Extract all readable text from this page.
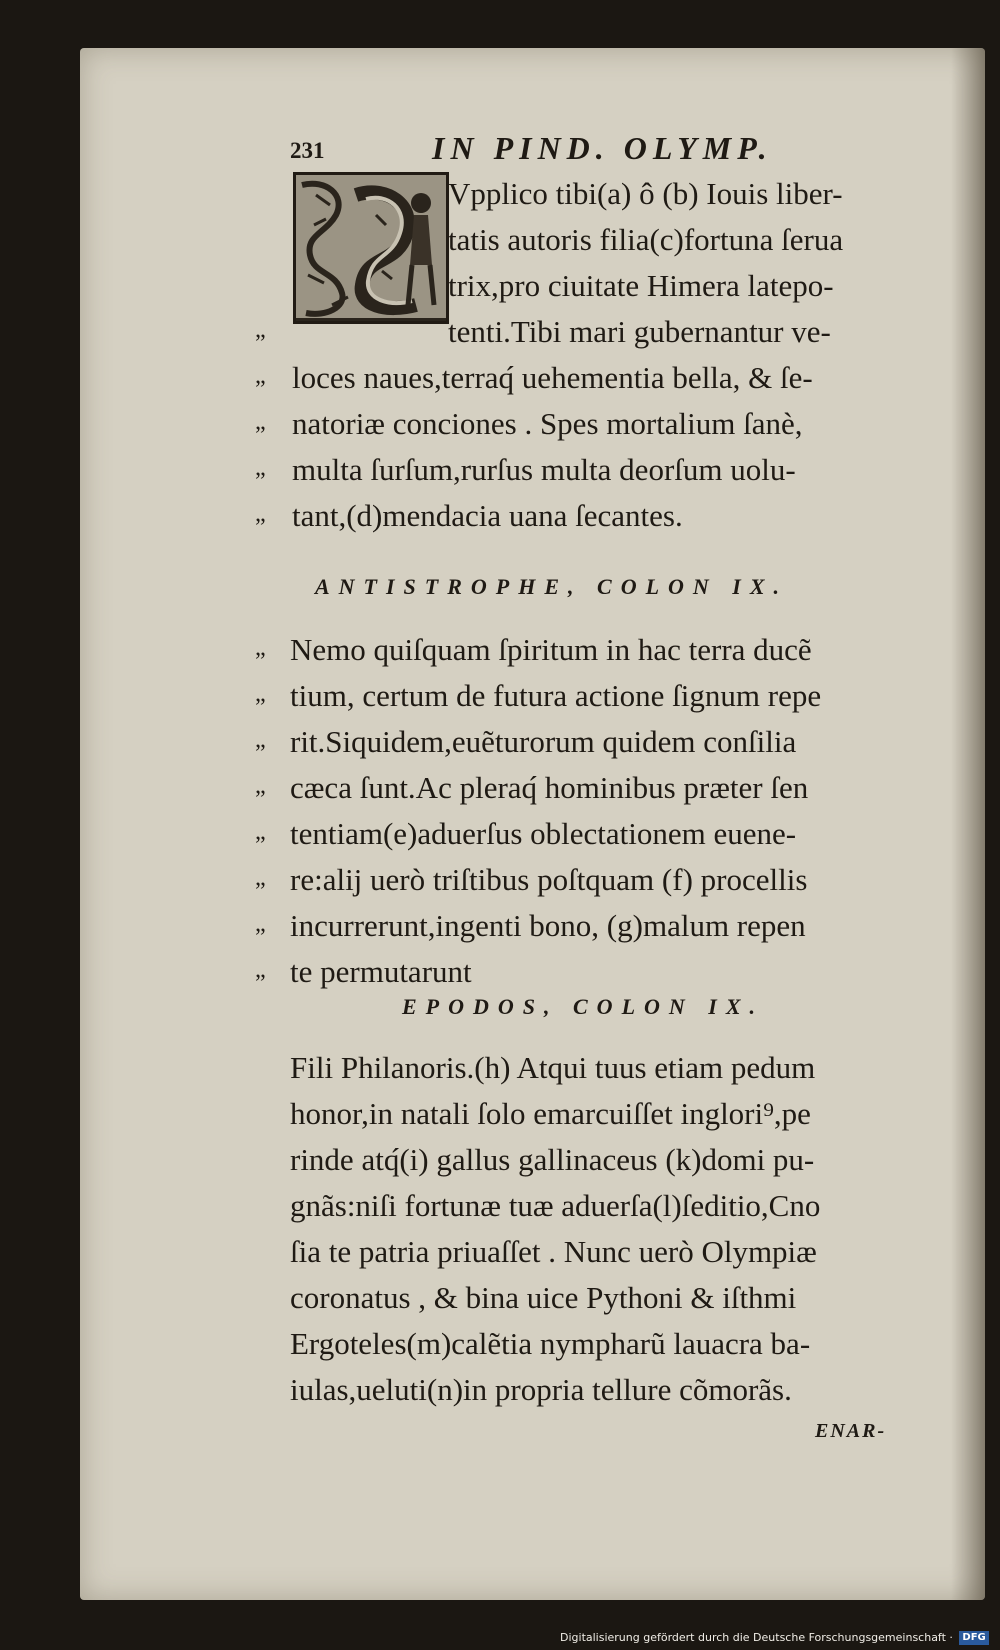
231	IN PIND. OLYMP.
Vpplico tibi(a) ô (b) Iouis liber-
tatis autoris filia(c)fortuna ſerua
trix,pro ciuitate Himera latepo-
tenti.Tibi mari gubernantur ve-
loces naues,terraq́ uehementia bella, & ſe-
natoriæ conciones . Spes mortalium ſanè,
multa ſurſum,rurſus multa deorſum uolu-
tant,(d)mendacia uana ſecantes.
„
„
„
„
„
ANTISTROPHE, COLON IX.
Nemo quiſquam ſpiritum in hac terra ducẽ
tium, certum de futura actione ſignum repe
rit.Siquidem,euẽturorum quidem conſilia
cæca ſunt.Ac pleraq́ hominibus præter ſen
tentiam(e)aduerſus oblectationem euene-
re:alij uerò triſtibus poſtquam (f) procellis
incurrerunt,ingenti bono, (g)malum repen
te permutarunt
„
„
„
„
„
„
„
„
EPODOS, COLON IX.
Fili Philanoris.(h) Atqui tuus etiam pedum
honor,in natali ſolo emarcuiſſet inglori⁹,pe
rinde atq́(i) gallus gallinaceus (k)domi pu-
gnãs:niſi fortunæ tuæ aduerſa(l)ſeditio,Cno
ſia te patria priuaſſet . Nunc uerò Olympiæ
coronatus , & bina uice Pythoni & iſthmi
Ergoteles(m)calẽtia nympharũ lauacra ba-
iulas,ueluti(n)in propria tellure cõmorãs.
ENAR-
Digitalisierung gefördert durch die Deutsche Forschungsgemeinschaft · DFG
